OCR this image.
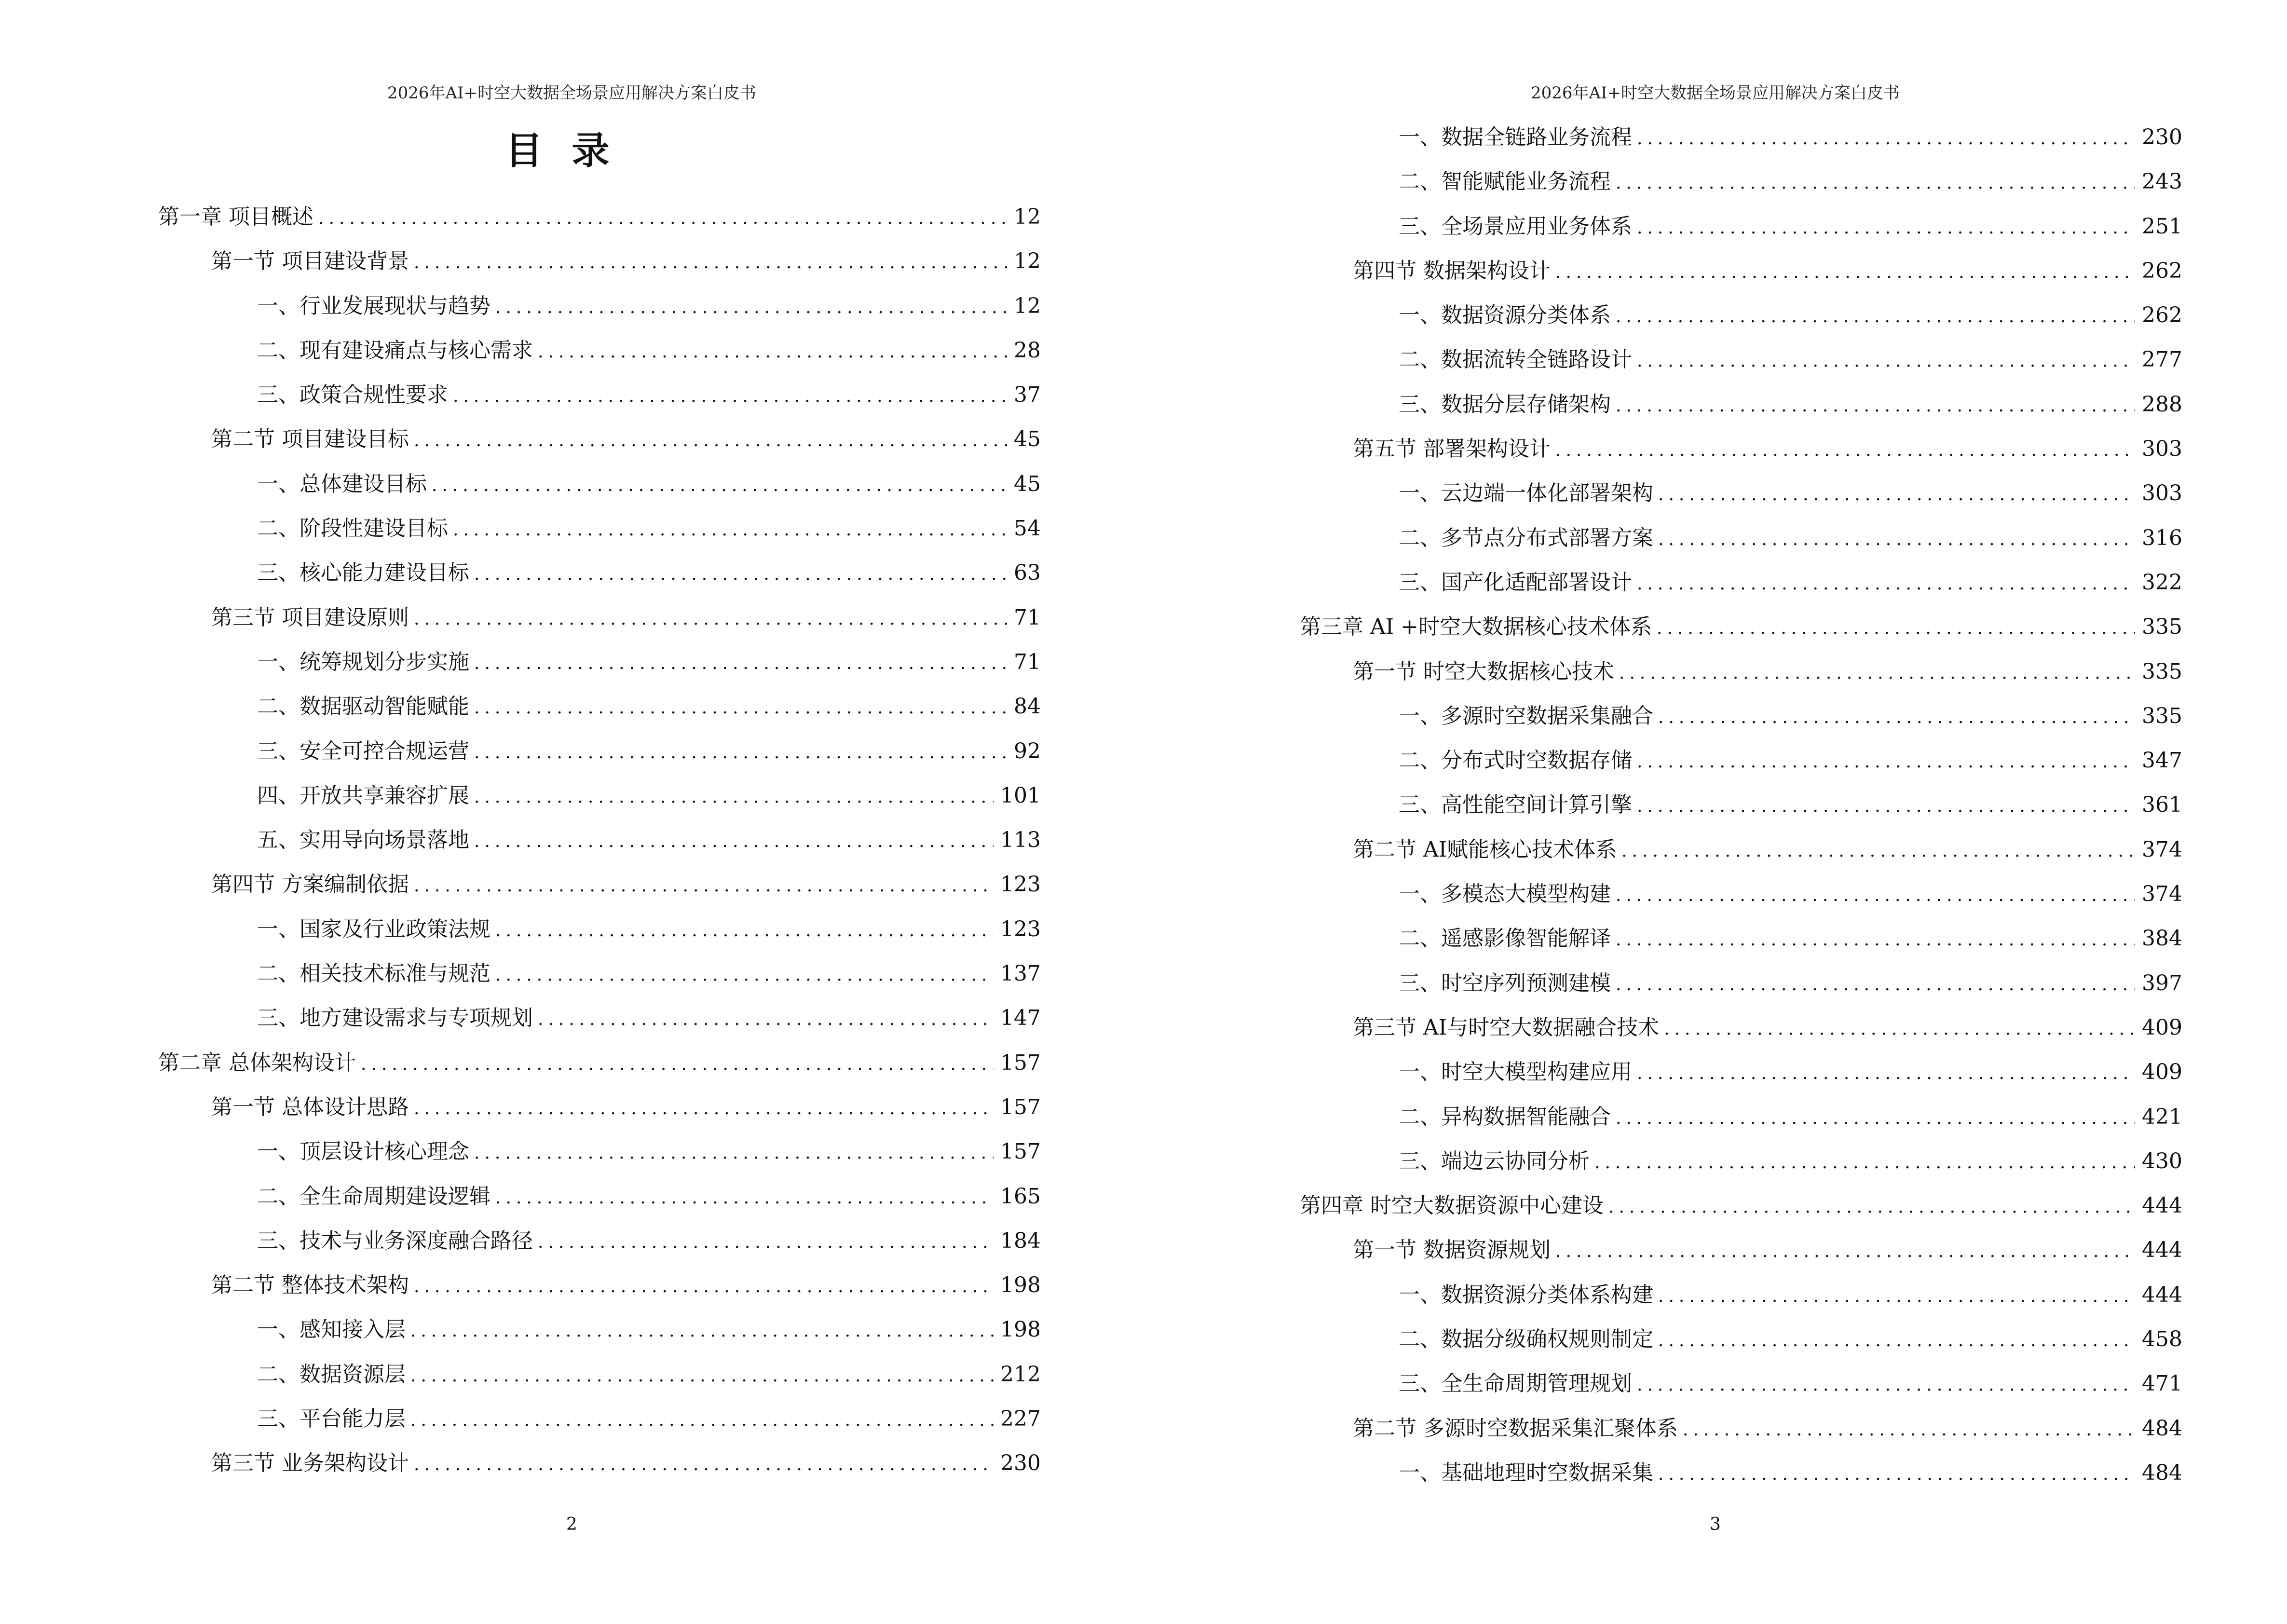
2026年AI+时空大数据全场景应用解决方案白皮书
目录
第一章 项目概述 .....	12
第一节 项目建设背景 .....	12
一、行业发展现状与趋势 .....	12
二、现有建设痛点与核心需求 .....	28
三、政策合规性要求 .....	37
第二节 项目建设目标 .....	45
一、总体建设目标 .....	45
二、阶段性建设目标 .....	54
三、核心能力建设目标 .....	63
第三节 项目建设原则 .....	71
一、统筹规划分步实施 .....	71
二、数据驱动智能赋能 .....	84
三、安全可控合规运营 .....	92
四、开放共享兼容扩展 .....	101
五、实用导向场景落地 .....	113
第四节 方案编制依据 .....	123
一、国家及行业政策法规 .....	123
二、相关技术标准与规范 .....	137
三、地方建设需求与专项规划 .....	147
第二章 总体架构设计 .....	157
第一节 总体设计思路 .....	157
一、顶层设计核心理念 .....	157
二、全生命周期建设逻辑 .....	165
三、技术与业务深度融合路径 .....	184
第二节 整体技术架构 .....	198
一、感知接入层 .....	198
二、数据资源层 .....	212
三、平台能力层 .....	227
第三节 业务架构设计 .....	230
2
2026年AI+时空大数据全场景应用解决方案白皮书
一、数据全链路业务流程 .....	230
二、智能赋能业务流程 .....	243
三、全场景应用业务体系 .....	251
第四节 数据架构设计 .....	262
一、数据资源分类体系 .....	262
二、数据流转全链路设计 .....	277
三、数据分层存储架构 .....	288
第五节 部署架构设计 .....	303
一、云边端一体化部署架构 .....	303
二、多节点分布式部署方案 .....	316
三、国产化适配部署设计 .....	322
第三章 AI +时空大数据核心技术体系 .....	335
第一节 时空大数据核心技术 .....	335
一、多源时空数据采集融合 .....	335
二、分布式时空数据存储 .....	347
三、高性能空间计算引擎 .....	361
第二节 AI赋能核心技术体系 .....	374
一、多模态大模型构建 .....	374
二、遥感影像智能解译 .....	384
三、时空序列预测建模 .....	397
第三节 AI与时空大数据融合技术 .....	409
一、时空大模型构建应用 .....	409
二、异构数据智能融合 .....	421
三、端边云协同分析 .....	430
第四章 时空大数据资源中心建设 .....	444
第一节 数据资源规划 .....	444
一、数据资源分类体系构建 .....	444
二、数据分级确权规则制定 .....	458
三、全生命周期管理规划 .....	471
第二节 多源时空数据采集汇聚体系 .....	484
一、基础地理时空数据采集 .....	484
3
